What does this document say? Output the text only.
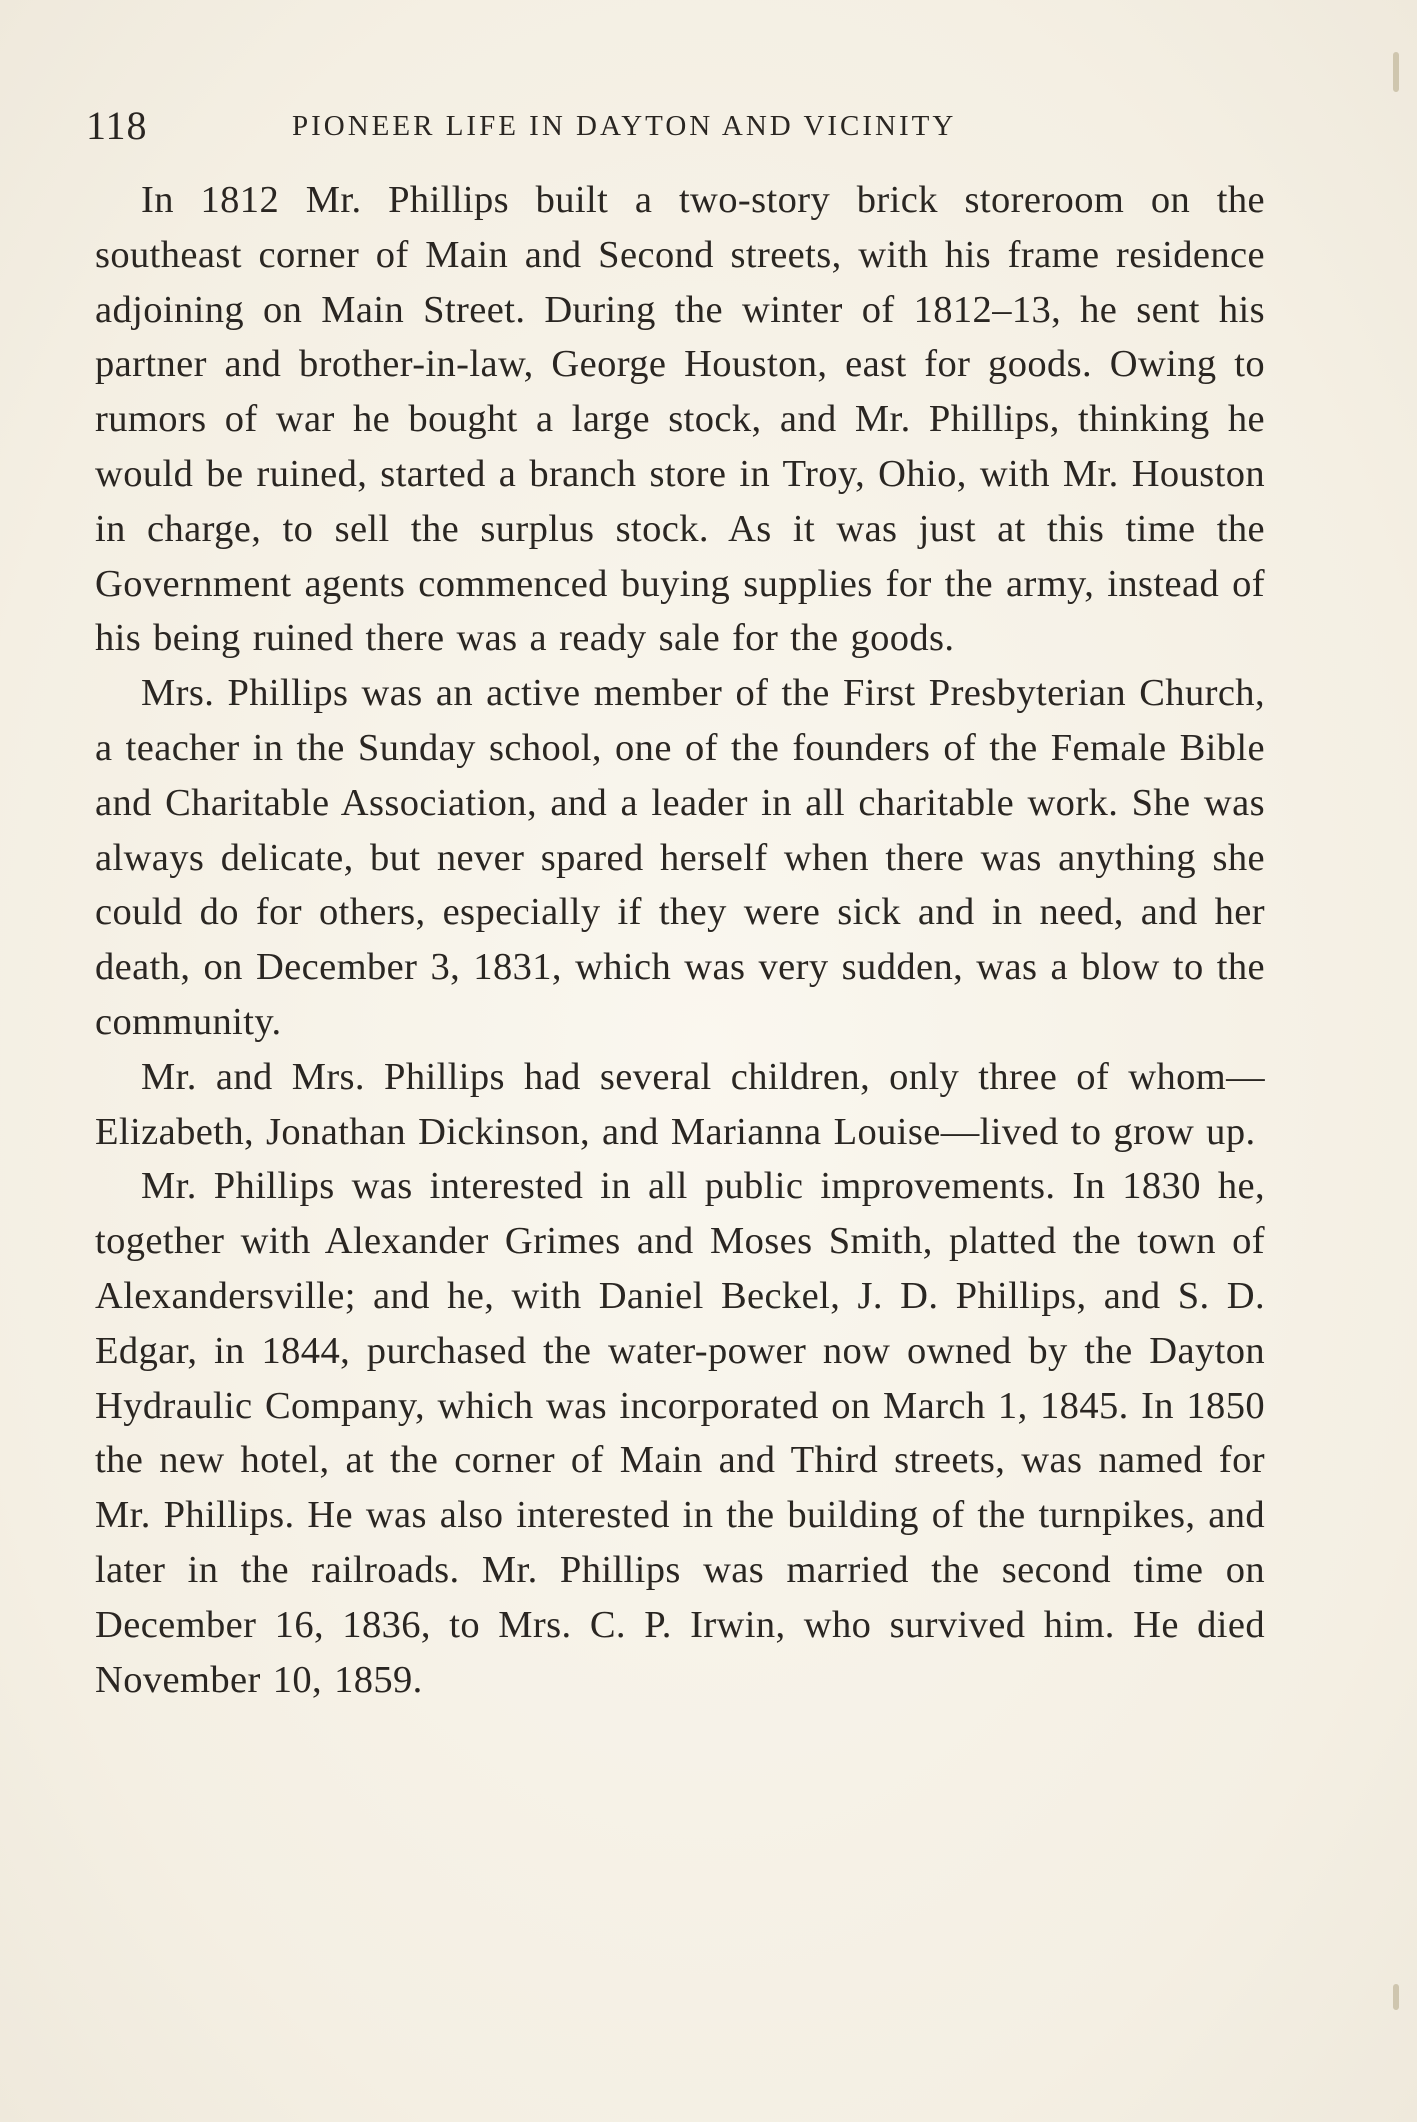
118	PIONEER LIFE IN DAYTON AND VICINITY

In 1812 Mr. Phillips built a two-story brick storeroom on the southeast corner of Main and Second streets, with his frame residence adjoining on Main Street. During the winter of 1812–13, he sent his partner and brother-in-law, George Houston, east for goods. Owing to rumors of war he bought a large stock, and Mr. Phillips, thinking he would be ruined, started a branch store in Troy, Ohio, with Mr. Houston in charge, to sell the surplus stock. As it was just at this time the Government agents commenced buying supplies for the army, instead of his being ruined there was a ready sale for the goods.

Mrs. Phillips was an active member of the First Presbyterian Church, a teacher in the Sunday school, one of the founders of the Female Bible and Charitable Association, and a leader in all charitable work. She was always delicate, but never spared herself when there was anything she could do for others, especially if they were sick and in need, and her death, on December 3, 1831, which was very sudden, was a blow to the community.

Mr. and Mrs. Phillips had several children, only three of whom—Elizabeth, Jonathan Dickinson, and Marianna Louise—lived to grow up.

Mr. Phillips was interested in all public improvements. In 1830 he, together with Alexander Grimes and Moses Smith, platted the town of Alexandersville; and he, with Daniel Beckel, J. D. Phillips, and S. D. Edgar, in 1844, purchased the water-power now owned by the Dayton Hydraulic Company, which was incorporated on March 1, 1845. In 1850 the new hotel, at the corner of Main and Third streets, was named for Mr. Phillips. He was also interested in the building of the turnpikes, and later in the railroads. Mr. Phillips was married the second time on December 16, 1836, to Mrs. C. P. Irwin, who survived him. He died November 10, 1859.
